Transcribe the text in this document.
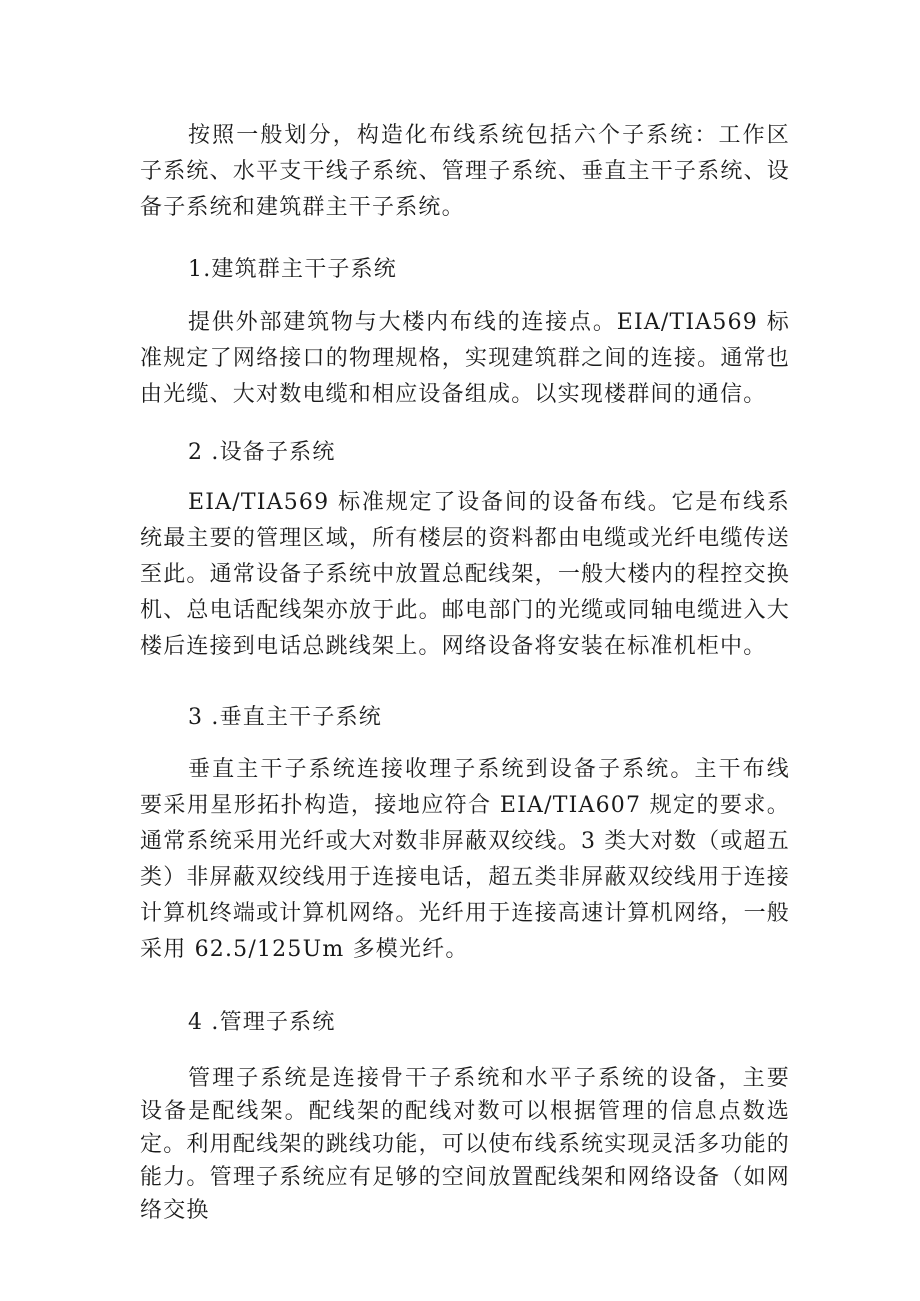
按照一般划分，构造化布线系统包括六个子系统：工作区子系统、水平支干线子系统、管理子系统、垂直主干子系统、设备子系统和建筑群主干子系统。

1.建筑群主干子系统

提供外部建筑物与大楼内布线的连接点。EIA/TIA569 标准规定了网络接口的物理规格，实现建筑群之间的连接。通常也由光缆、大对数电缆和相应设备组成。以实现楼群间的通信。

2 .设备子系统

EIA/TIA569 标准规定了设备间的设备布线。它是布线系统最主要的管理区域，所有楼层的资料都由电缆或光纤电缆传送至此。通常设备子系统中放置总配线架，一般大楼内的程控交换机、总电话配线架亦放于此。邮电部门的光缆或同轴电缆进入大楼后连接到电话总跳线架上。网络设备将安装在标准机柜中。

3 .垂直主干子系统

垂直主干子系统连接收理子系统到设备子系统。主干布线要采用星形拓扑构造，接地应符合 EIA/TIA607 规定的要求。通常系统采用光纤或大对数非屏蔽双绞线。3 类大对数（或超五类）非屏蔽双绞线用于连接电话，超五类非屏蔽双绞线用于连接计算机终端或计算机网络。光纤用于连接高速计算机网络，一般采用 62.5/125Um 多模光纤。

4 .管理子系统

管理子系统是连接骨干子系统和水平子系统的设备，主要设备是配线架。配线架的配线对数可以根据管理的信息点数选定。利用配线架的跳线功能，可以使布线系统实现灵活多功能的能力。管理子系统应有足够的空间放置配线架和网络设备（如网络交换
